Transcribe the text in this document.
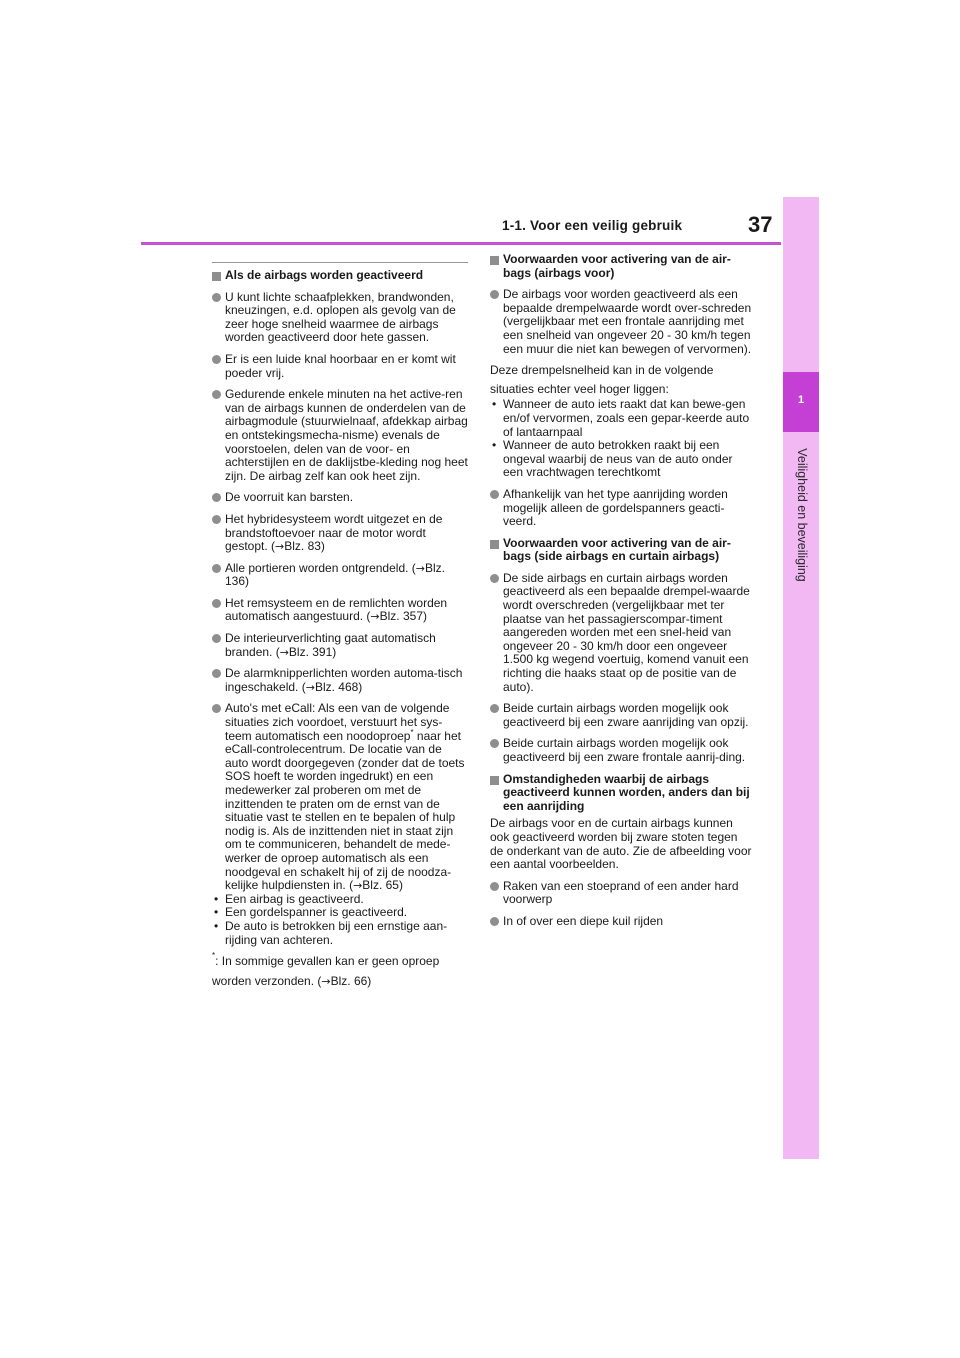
1-1. Voor een veilig gebruik	37
1
Veiligheid en beveiliging
Als de airbags worden geactiveerd
U kunt lichte schaafplekken, brandwonden, kneuzingen, e.d. oplopen als gevolg van de zeer hoge snelheid waarmee de airbags worden geactiveerd door hete gassen.
Er is een luide knal hoorbaar en er komt wit poeder vrij.
Gedurende enkele minuten na het active-ren van de airbags kunnen de onderdelen van de airbagmodule (stuurwielnaaf, afdekkap airbag en ontstekingsmecha-nisme) evenals de voorstoelen, delen van de voor- en achterstijlen en de daklijstbe-kleding nog heet zijn. De airbag zelf kan ook heet zijn.
De voorruit kan barsten.
Het hybridesysteem wordt uitgezet en de brandstoftoevoer naar de motor wordt gestopt. (→Blz. 83)
Alle portieren worden ontgrendeld. (→Blz. 136)
Het remsysteem en de remlichten worden automatisch aangestuurd. (→Blz. 357)
De interieurverlichting gaat automatisch branden. (→Blz. 391)
De alarmknipperlichten worden automa-tisch ingeschakeld. (→Blz. 468)
Auto's met eCall: Als een van de volgende situaties zich voordoet, verstuurt het sys-teem automatisch een noodoproep* naar het eCall-controlecentrum. De locatie van de auto wordt doorgegeven (zonder dat de toets SOS hoeft te worden ingedrukt) en een medewerker zal proberen om met de inzittenden te praten om de ernst van de situatie vast te stellen en te bepalen of hulp nodig is. Als de inzittenden niet in staat zijn om te communiceren, behandelt de mede-werker de oproep automatisch als een noodgeval en schakelt hij of zij de noodza-kelijke hulpdiensten in. (→Blz. 65)
• Een airbag is geactiveerd.
• Een gordelspanner is geactiveerd.
• De auto is betrokken bij een ernstige aan-rijding van achteren.
*: In sommige gevallen kan er geen oproep worden verzonden. (→Blz. 66)
Voorwaarden voor activering van de air-bags (airbags voor)
De airbags voor worden geactiveerd als een bepaalde drempelwaarde wordt over-schreden (vergelijkbaar met een frontale aanrijding met een snelheid van ongeveer 20 - 30 km/h tegen een muur die niet kan bewegen of vervormen).
Deze drempelsnelheid kan in de volgende
situaties echter veel hoger liggen:
• Wanneer de auto iets raakt dat kan bewe-gen en/of vervormen, zoals een gepar-keerde auto of lantaarnpaal
• Wanneer de auto betrokken raakt bij een ongeval waarbij de neus van de auto onder een vrachtwagen terechtkomt
Afhankelijk van het type aanrijding worden mogelijk alleen de gordelspanners geacti-veerd.
Voorwaarden voor activering van de air-bags (side airbags en curtain airbags)
De side airbags en curtain airbags worden geactiveerd als een bepaalde drempel-waarde wordt overschreden (vergelijkbaar met ter plaatse van het passagierscompar-timent aangereden worden met een snel-heid van ongeveer 20 - 30 km/h door een ongeveer 1.500 kg wegend voertuig, komend vanuit een richting die haaks staat op de positie van de auto).
Beide curtain airbags worden mogelijk ook geactiveerd bij een zware aanrijding van opzij.
Beide curtain airbags worden mogelijk ook geactiveerd bij een zware frontale aanrij-ding.
Omstandigheden waarbij de airbags geactiveerd kunnen worden, anders dan bij een aanrijding
De airbags voor en de curtain airbags kunnen ook geactiveerd worden bij zware stoten tegen de onderkant van de auto. Zie de afbeelding voor een aantal voorbeelden.
Raken van een stoeprand of een ander hard voorwerp
In of over een diepe kuil rijden
